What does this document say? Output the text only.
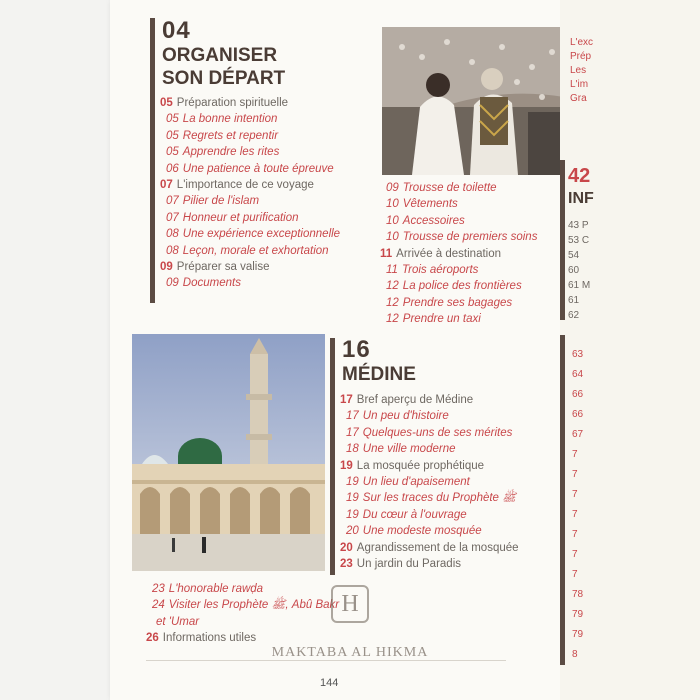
04
ORGANISER
SON DÉPART
05 Préparation spirituelle
05 La bonne intention
05 Regrets et repentir
05 Apprendre les rites
06 Une patience à toute épreuve
07 L'importance de ce voyage
07 Pilier de l'islam
07 Honneur et purification
08 Une expérience exceptionnelle
08 Leçon, morale et exhortation
09 Préparer sa valise
09 Documents
09 Trousse de toilette
10 Vêtements
10 Accessoires
10 Trousse de premiers soins
11 Arrivée à destination
11 Trois aéroports
12 La police des frontières
12 Prendre ses bagages
12 Prendre un taxi
16
MÉDINE
17 Bref aperçu de Médine
17 Un peu d'histoire
17 Quelques-uns de ses mérites
18 Une ville moderne
19 La mosquée prophétique
19 Un lieu d'apaisement
19 Sur les traces du Prophète ﷺ
19 Du cœur à l'ouvrage
20 Une modeste mosquée
20 Agrandissement de la mosquée
23 Un jardin du Paradis
23 L'honorable rawḍa
24 Visiter les Prophète ﷺ, Abû Bakr
et 'Umar
26 Informations utiles
144
H
MAKTABA AL HIKMA
L'exc
Prép
Les
L'im
Gra
42
INF
43 P
53 C
54
60
61 M
61
62
63
64
66
66
67
7
7
7
7
7
7
7
78
79
79
8
